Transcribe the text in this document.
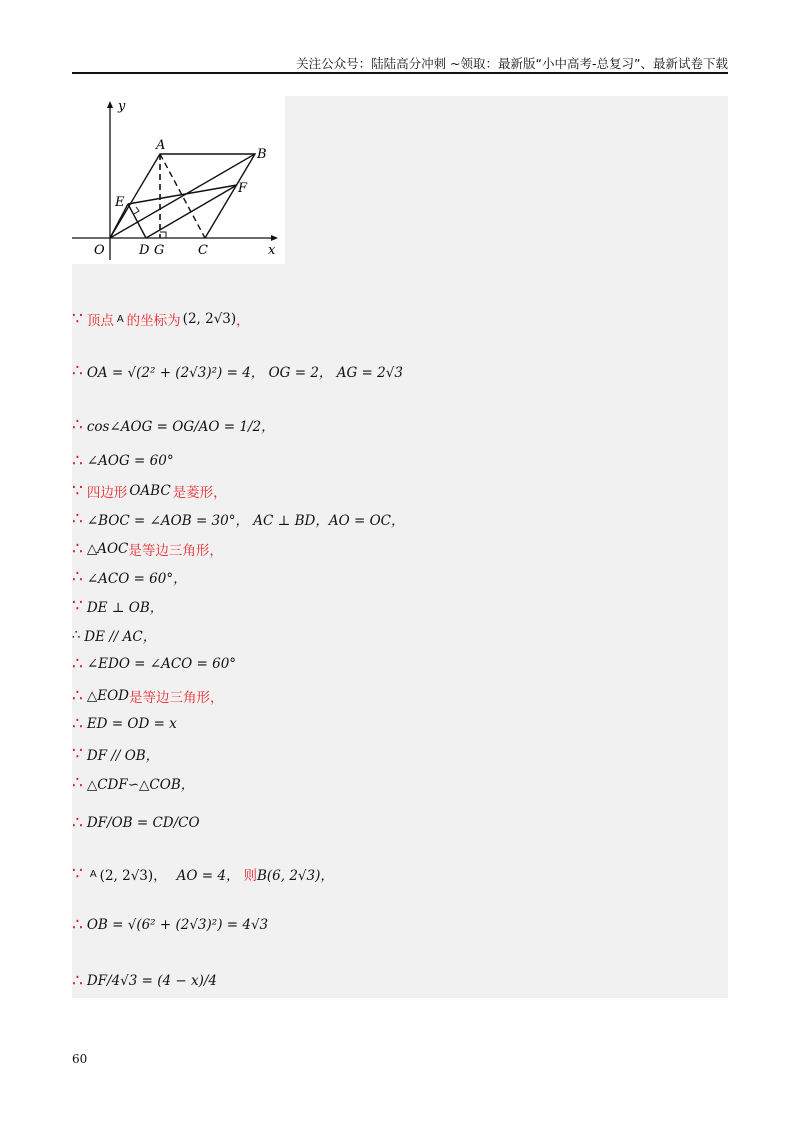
关注公众号：陆陆高分冲刺 ~领取：最新版“小中高考-总复习”、最新试卷下载
y
x
O
A
B
C
D G
E
F
∵ 顶点 A 的坐标为 (2, 2√3) ，
∴ OA = √(2² + (2√3)²) = 4， OG = 2， AG = 2√3
∴ cos∠AOG = OG/AO = 1/2，
∴ ∠AOG = 60°
∵ 四边形 OABC 是菱形，
∴ ∠BOC = ∠AOB = 30°， AC ⊥ BD，AO = OC，
∴ △AOC 是等边三角形，
∴ ∠ACO = 60°，
∵ DE ⊥ OB，
∴ DE // AC，
∴ ∠EDO = ∠ACO = 60°
∴ △EOD 是等边三角形，
∴ ED = OD = x
∵ DF // OB，
∴ △CDF∽△COB，
∴ DF/OB = CD/CO
∵ A (2, 2√3)， AO = 4， 则 B(6, 2√3)，
∴ OB = √(6² + (2√3)²) = 4√3
∴ DF/4√3 = (4 − x)/4
60
